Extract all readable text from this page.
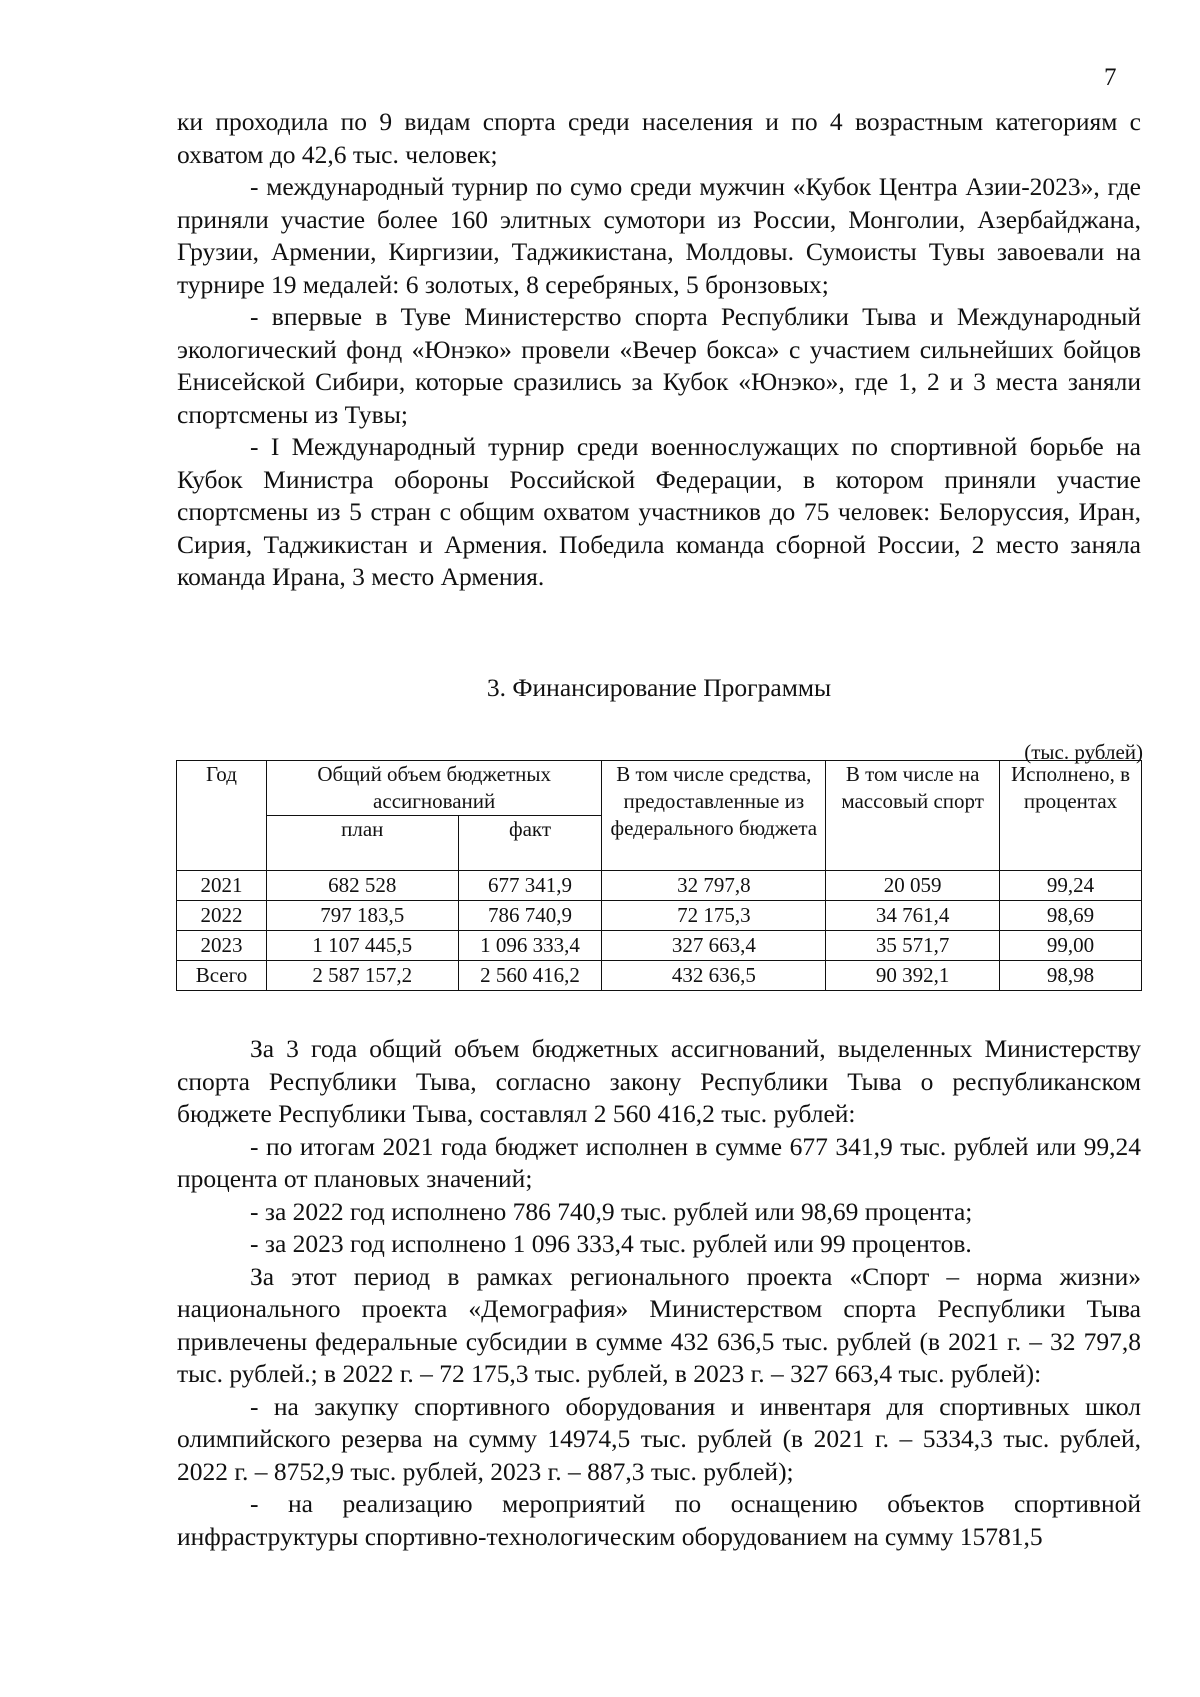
7

ки проходила по 9 видам спорта среди населения и по 4 возрастным категориям с охватом до 42,6 тыс. человек;

- международный турнир по сумо среди мужчин «Кубок Центра Азии-2023», где приняли участие более 160 элитных сумотори из России, Монголии, Азербайджана, Грузии, Армении, Киргизии, Таджикистана, Молдовы. Сумоисты Тувы завоевали на турнире 19 медалей: 6 золотых, 8 серебряных, 5 бронзовых;

- впервые в Туве Министерство спорта Республики Тыва и Международный экологический фонд «Юнэко» провели «Вечер бокса» с участием сильнейших бойцов Енисейской Сибири, которые сразились за Кубок «Юнэко», где 1, 2 и 3 места заняли спортсмены из Тувы;

- I Международный турнир среди военнослужащих по спортивной борьбе на Кубок Министра обороны Российской Федерации, в котором приняли участие спортсмены из 5 стран с общим охватом участников до 75 человек: Белоруссия, Иран, Сирия, Таджикистан и Армения. Победила команда сборной России, 2 место заняла команда Ирана, 3 место Армения.

3. Финансирование Программы
(тыс. рублей)
Год	Общий объем бюджетных ассигнований		В том числе средства, предоставленные из федерального бюджета	В том числе на массовый спорт	Исполнено, в процентах
	план	факт			
2021	682 528	677 341,9	32 797,8	20 059	99,24
2022	797 183,5	786 740,9	72 175,3	34 761,4	98,69
2023	1 107 445,5	1 096 333,4	327 663,4	35 571,7	99,00
Всего	2 587 157,2	2 560 416,2	432 636,5	90 392,1	98,98

За 3 года общий объем бюджетных ассигнований, выделенных Министерству спорта Республики Тыва, согласно закону Республики Тыва о республиканском бюджете Республики Тыва, составлял 2 560 416,2 тыс. рублей:

- по итогам 2021 года бюджет исполнен в сумме 677 341,9 тыс. рублей или 99,24 процента от плановых значений;

- за 2022 год исполнено 786 740,9 тыс. рублей или 98,69 процента;

- за 2023 год исполнено 1 096 333,4 тыс. рублей или 99 процентов.

За этот период в рамках регионального проекта «Спорт – норма жизни» национального проекта «Демография» Министерством спорта Республики Тыва привлечены федеральные субсидии в сумме 432 636,5 тыс. рублей (в 2021 г. – 32 797,8 тыс. рублей.; в 2022 г. – 72 175,3 тыс. рублей, в 2023 г. – 327 663,4 тыс. рублей):

- на закупку спортивного оборудования и инвентаря для спортивных школ олимпийского резерва на сумму 14974,5 тыс. рублей (в 2021 г. – 5334,3 тыс. рублей, 2022 г. – 8752,9 тыс. рублей, 2023 г. – 887,3 тыс. рублей);

- на реализацию мероприятий по оснащению объектов спортивной инфраструктуры спортивно-технологическим оборудованием на сумму 15781,5
